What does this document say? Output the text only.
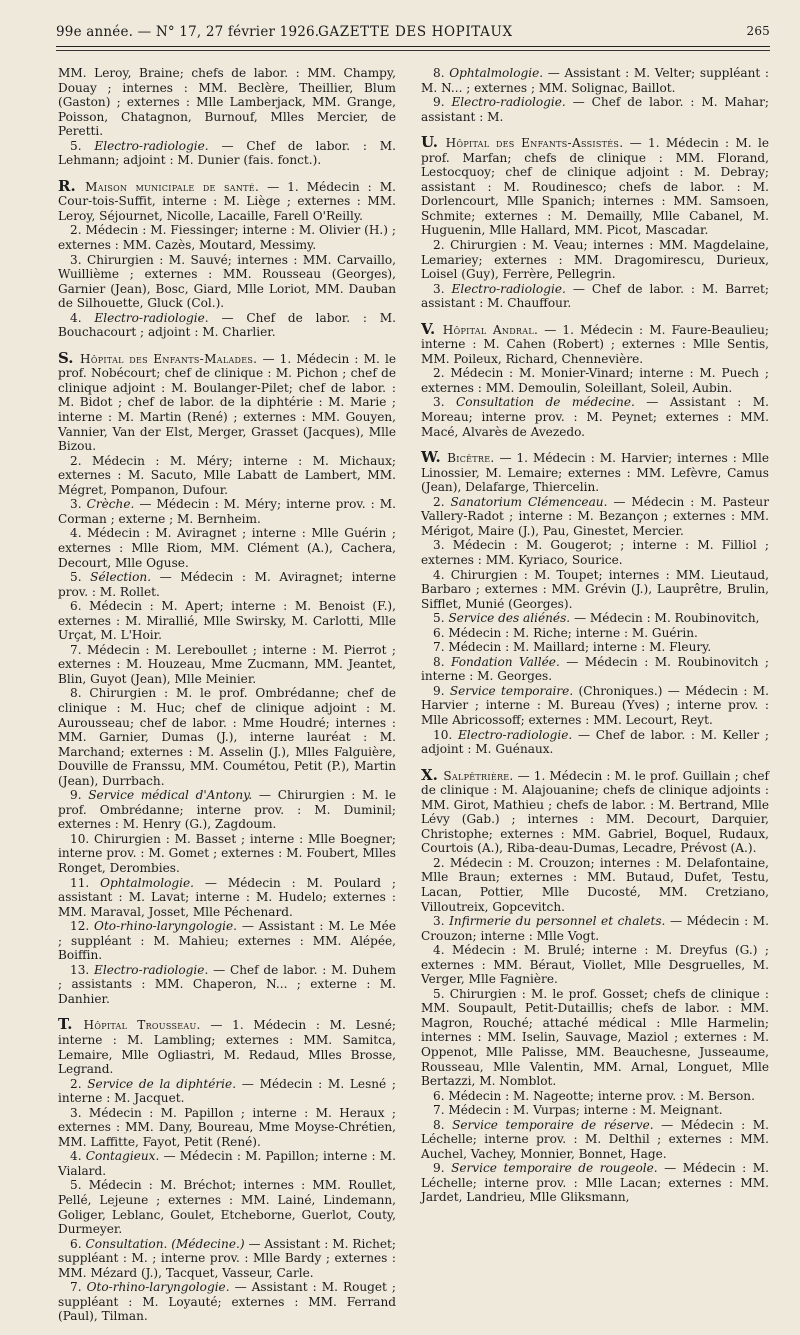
99e année. — N° 17, 27 février 1926.
GAZETTE DES HOPITAUX	265

MM. Leroy, Braine; chefs de labor. : MM. Champy, Douay ; internes : MM. Beclère, Theillier, Blum (Gaston) ; externes : Mlle Lamberjack, MM. Grange, Poisson, Chatagnon, Burnouf, Mlles Mercier, de Peretti.

5. Electro-radiologie. — Chef de labor. : M. Lehmann; adjoint : M. Dunier (fais. fonct.).

R. Maison municipale de santé. — 1. Médecin : M. Cour-tois-Suffit, interne : M. Liège ; externes : MM. Leroy, Séjournet, Nicolle, Lacaille, Farell O'Reilly.

2. Médecin : M. Fiessinger; interne : M. Olivier (H.) ; externes : MM. Cazès, Moutard, Messimy.

3. Chirurgien : M. Sauvé; internes : MM. Carvaillo, Wuillième ; externes : MM. Rousseau (Georges), Garnier (Jean), Bosc, Giard, Mlle Loriot, MM. Dauban de Silhouette, Gluck (Col.).

4. Electro-radiologie. — Chef de labor. : M. Bouchacourt ; adjoint : M. Charlier.

S. Hôpital des Enfants-Malades. — 1. Médecin : M. le prof. Nobécourt; chef de clinique : M. Pichon ; chef de clinique adjoint : M. Boulanger-Pilet; chef de labor. : M. Bidot ; chef de labor. de la diphtérie : M. Marie ; interne : M. Martin (René) ; externes : MM. Gouyen, Vannier, Van der Elst, Merger, Grasset (Jacques), Mlle Bizou.

2. Médecin : M. Méry; interne : M. Michaux; externes : M. Sacuto, Mlle Labatt de Lambert, MM. Mégret, Pompanon, Dufour.

3. Crèche. — Médecin : M. Méry; interne prov. : M. Corman ; externe ; M. Bernheim.

4. Médecin : M. Aviragnet ; interne : Mlle Guérin ; externes : Mlle Riom, MM. Clément (A.), Cachera, Decourt, Mlle Oguse.

5. Sélection. — Médecin : M. Aviragnet; interne prov. : M. Rollet.

6. Médecin : M. Apert; interne : M. Benoist (F.), externes : M. Mirallié, Mlle Swirsky, M. Carlotti, Mlle Urçat, M. L'Hoir.

7. Médecin : M. Lereboullet ; interne : M. Pierrot ; externes : M. Houzeau, Mme Zucmann, MM. Jeantet, Blin, Guyot (Jean), Mlle Meinier.

8. Chirurgien : M. le prof. Ombrédanne; chef de clinique : M. Huc; chef de clinique adjoint : M. Aurousseau; chef de labor. : Mme Houdré; internes : MM. Garnier, Dumas (J.), interne lauréat : M. Marchand; externes : M. Asselin (J.), Mlles Falguière, Douville de Franssu, MM. Coumétou, Petit (P.), Martin (Jean), Durrbach.

9. Service médical d'Antony. — Chirurgien : M. le prof. Ombrédanne; interne prov. : M. Duminil; externes : M. Henry (G.), Zagdoum.

10. Chirurgien : M. Basset ; interne : Mlle Boegner; interne prov. : M. Gomet ; externes : M. Foubert, Mlles Ronget, Derombies.

11. Ophtalmologie. — Médecin : M. Poulard ; assistant : M. Lavat; interne : M. Hudelo; externes : MM. Maraval, Josset, Mlle Péchenard.

12. Oto-rhino-laryngologie. — Assistant : M. Le Mée ; suppléant : M. Mahieu; externes : MM. Alépée, Boiffin.

13. Electro-radiologie. — Chef de labor. : M. Duhem ; assistants : MM. Chaperon, N... ; externe : M. Danhier.

T. Hôpital Trousseau. — 1. Médecin : M. Lesné; interne : M. Lambling; externes : MM. Samitca, Lemaire, Mlle Ogliastri, M. Redaud, Mlles Brosse, Legrand.

2. Service de la diphtérie. — Médecin : M. Lesné ; interne : M. Jacquet.

3. Médecin : M. Papillon ; interne : M. Heraux ; externes : MM. Dany, Boureau, Mme Moyse-Chrétien, MM. Laffitte, Fayot, Petit (René).

4. Contagieux. — Médecin : M. Papillon; interne : M. Vialard.

5. Médecin : M. Bréchot; internes : MM. Roullet, Pellé, Lejeune ; externes : MM. Lainé, Lindemann, Goliger, Leblanc, Goulet, Etcheborne, Guerlot, Couty, Durmeyer.

6. Consultation. (Médecine.) — Assistant : M. Richet; suppléant : M. ; interne prov. : Mlle Bardy ; externes : MM. Mézard (J.), Tacquet, Vasseur, Carle.

7. Oto-rhino-laryngologie. — Assistant : M. Rouget ; suppléant : M. Loyauté; externes : MM. Ferrand (Paul), Tilman.

8. Ophtalmologie. — Assistant : M. Velter; suppléant : M. N... ; externes ; MM. Solignac, Baillot.

9. Electro-radiologie. — Chef de labor. : M. Mahar; assistant : M.

U. Hôpital des Enfants-Assistés. — 1. Médecin : M. le prof. Marfan; chefs de clinique : MM. Florand, Lestocquoy; chef de clinique adjoint : M. Debray; assistant : M. Roudinesco; chefs de labor. : M. Dorlencourt, Mlle Spanich; internes : MM. Samsoen, Schmite; externes : M. Demailly, Mlle Cabanel, M. Huguenin, Mlle Hallard, MM. Picot, Mascadar.

2. Chirurgien : M. Veau; internes : MM. Magdelaine, Lemariey; externes : MM. Dragomirescu, Durieux, Loisel (Guy), Ferrère, Pellegrin.

3. Electro-radiologie. — Chef de labor. : M. Barret; assistant : M. Chauffour.

V. Hôpital Andral. — 1. Médecin : M. Faure-Beaulieu; interne : M. Cahen (Robert) ; externes : Mlle Sentis, MM. Poileux, Richard, Chennevière.

2. Médecin : M. Monier-Vinard; interne : M. Puech ; externes : MM. Demoulin, Soleillant, Soleil, Aubin.

3. Consultation de médecine. — Assistant : M. Moreau; interne prov. : M. Peynet; externes : MM. Macé, Alvarès de Avezedo.

W. Bicêtre. — 1. Médecin : M. Harvier; internes : Mlle Linossier, M. Lemaire; externes : MM. Lefèvre, Camus (Jean), Delafarge, Thiercelin.

2. Sanatorium Clémenceau. — Médecin : M. Pasteur Vallery-Radot ; interne : M. Bezançon ; externes : MM. Mérigot, Maire (J.), Pau, Ginestet, Mercier.

3. Médecin : M. Gougerot; ; interne : M. Filliol ; externes : MM. Kyriaco, Sourice.

4. Chirurgien : M. Toupet; internes : MM. Lieutaud, Barbaro ; externes : MM. Grévin (J.), Lauprêtre, Brulin, Sifflet, Munié (Georges).

5. Service des aliénés. — Médecin : M. Roubinovitch,

6. Médecin : M. Riche; interne : M. Guérin.

7. Médecin : M. Maillard; interne : M. Fleury.

8. Fondation Vallée. — Médecin : M. Roubinovitch ; interne : M. Georges.

9. Service temporaire. (Chroniques.) — Médecin : M. Harvier ; interne : M. Bureau (Yves) ; interne prov. : Mlle Abricossoff; externes : MM. Lecourt, Reyt.

10. Electro-radiologie. — Chef de labor. : M. Keller ; adjoint : M. Guénaux.

X. Salpêtrière. — 1. Médecin : M. le prof. Guillain ; chef de clinique : M. Alajouanine; chefs de clinique adjoints : MM. Girot, Mathieu ; chefs de labor. : M. Bertrand, Mlle Lévy (Gab.) ; internes : MM. Decourt, Darquier, Christophe; externes : MM. Gabriel, Boquel, Rudaux, Courtois (A.), Riba-deau-Dumas, Lecadre, Prévost (A.).

2. Médecin : M. Crouzon; internes : M. Delafontaine, Mlle Braun; externes : MM. Butaud, Dufet, Testu, Lacan, Pottier, Mlle Ducosté, MM. Cretziano, Villoutreix, Gopcevitch.

3. Infirmerie du personnel et chalets. — Médecin : M. Crouzon; interne : Mlle Vogt.

4. Médecin : M. Brulé; interne : M. Dreyfus (G.) ; externes : MM. Béraut, Viollet, Mlle Desgruelles, M. Verger, Mlle Fagnière.

5. Chirurgien : M. le prof. Gosset; chefs de clinique : MM. Soupault, Petit-Dutaillis; chefs de labor. : MM. Magron, Rouché; attaché médical : Mlle Harmelin; internes : MM. Iselin, Sauvage, Maziol ; externes : M. Oppenot, Mlle Palisse, MM. Beauchesne, Jusseaume, Rousseau, Mlle Valentin, MM. Arnal, Longuet, Mlle Bertazzi, M. Nomblot.

6. Médecin : M. Nageotte; interne prov. : M. Berson.

7. Médecin : M. Vurpas; interne : M. Meignant.

8. Service temporaire de réserve. — Médecin : M. Léchelle; interne prov. : M. Delthil ; externes : MM. Auchel, Vachey, Monnier, Bonnet, Hage.

9. Service temporaire de rougeole. — Médecin : M. Léchelle; interne prov. : Mlle Lacan; externes : MM. Jardet, Landrieu, Mlle Gliksmann,
